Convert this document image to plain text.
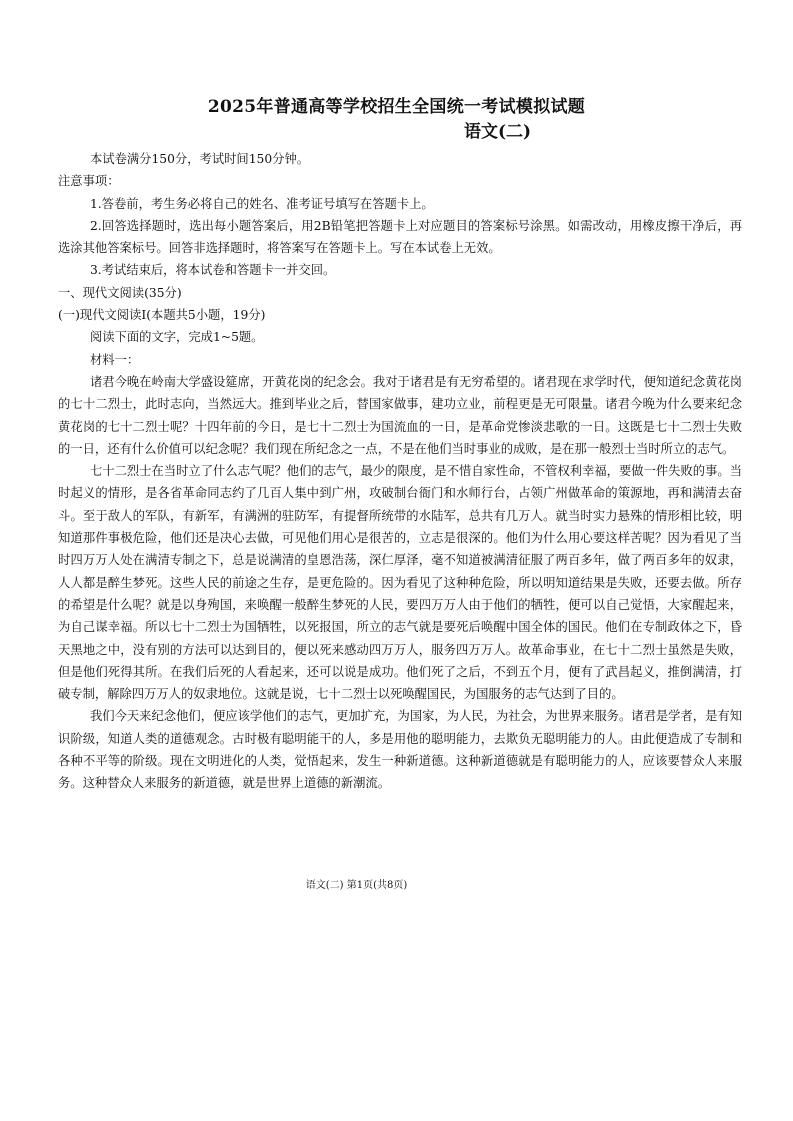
2025年普通高等学校招生全国统一考试模拟试题
语文(二)

本试卷满分150分，考试时间150分钟。

注意事项：

1.答卷前，考生务必将自己的姓名、准考证号填写在答题卡上。

2.回答选择题时，选出每小题答案后，用2B铅笔把答题卡上对应题目的答案标号涂黑。如需改动，用橡皮擦干净后，再选涂其他答案标号。回答非选择题时，将答案写在答题卡上。写在本试卷上无效。

3.考试结束后，将本试卷和答题卡一并交回。

一、现代文阅读(35分)

(一)现代文阅读Ⅰ(本题共5小题，19分)

阅读下面的文字，完成1~5题。

材料一：

诸君今晚在岭南大学盛设筵席，开黄花岗的纪念会。我对于诸君是有无穷希望的。诸君现在求学时代，便知道纪念黄花岗的七十二烈士，此时志向，当然远大。推到毕业之后，替国家做事，建功立业，前程更是无可限量。诸君今晚为什么要来纪念黄花岗的七十二烈士呢？十四年前的今日，是七十二烈士为国流血的一日，是革命党惨淡悲歌的一日。这既是七十二烈士失败的一日，还有什么价值可以纪念呢？我们现在所纪念之一点，不是在他们当时事业的成败，是在那一般烈士当时所立的志气。

七十二烈士在当时立了什么志气呢？他们的志气，最少的限度，是不惜自家性命，不管权利幸福，要做一件失败的事。当时起义的情形，是各省革命同志约了几百人集中到广州，攻破制台衙门和水师行台，占领广州做革命的策源地，再和满清去奋斗。至于敌人的军队，有新军，有满洲的驻防军，有提督所统带的水陆军，总共有几万人。就当时实力悬殊的情形相比较，明知道那件事极危险，他们还是决心去做，可见他们用心是很苦的，立志是很深的。他们为什么用心要这样苦呢？因为看见了当时四万万人处在满清专制之下，总是说满清的皇恩浩荡，深仁厚泽，毫不知道被满清征服了两百多年，做了两百多年的奴隶，人人都是醉生梦死。这些人民的前途之生存，是更危险的。因为看见了这种种危险，所以明知道结果是失败，还要去做。所存的希望是什么呢？就是以身殉国，来唤醒一般醉生梦死的人民，要四万万人由于他们的牺牲，便可以自己觉悟，大家醒起来，为自己谋幸福。所以七十二烈士为国牺牲，以死报国，所立的志气就是要死后唤醒中国全体的国民。他们在专制政体之下，昏天黑地之中，没有别的方法可以达到目的，便以死来感动四万万人，服务四万万人。故革命事业，在七十二烈士虽然是失败，但是他们死得其所。在我们后死的人看起来，还可以说是成功。他们死了之后，不到五个月，便有了武昌起义，推倒满清，打破专制，解除四万万人的奴隶地位。这就是说，七十二烈士以死唤醒国民，为国服务的志气达到了目的。

我们今天来纪念他们，便应该学他们的志气，更加扩充，为国家，为人民，为社会，为世界来服务。诸君是学者，是有知识阶级，知道人类的道德观念。古时极有聪明能干的人，多是用他的聪明能力，去欺负无聪明能力的人。由此便造成了专制和各种不平等的阶级。现在文明进化的人类，觉悟起来，发生一种新道德。这种新道德就是有聪明能力的人，应该要替众人来服务。这种替众人来服务的新道德，就是世界上道德的新潮流。

语文(二) 第1页(共8页)
